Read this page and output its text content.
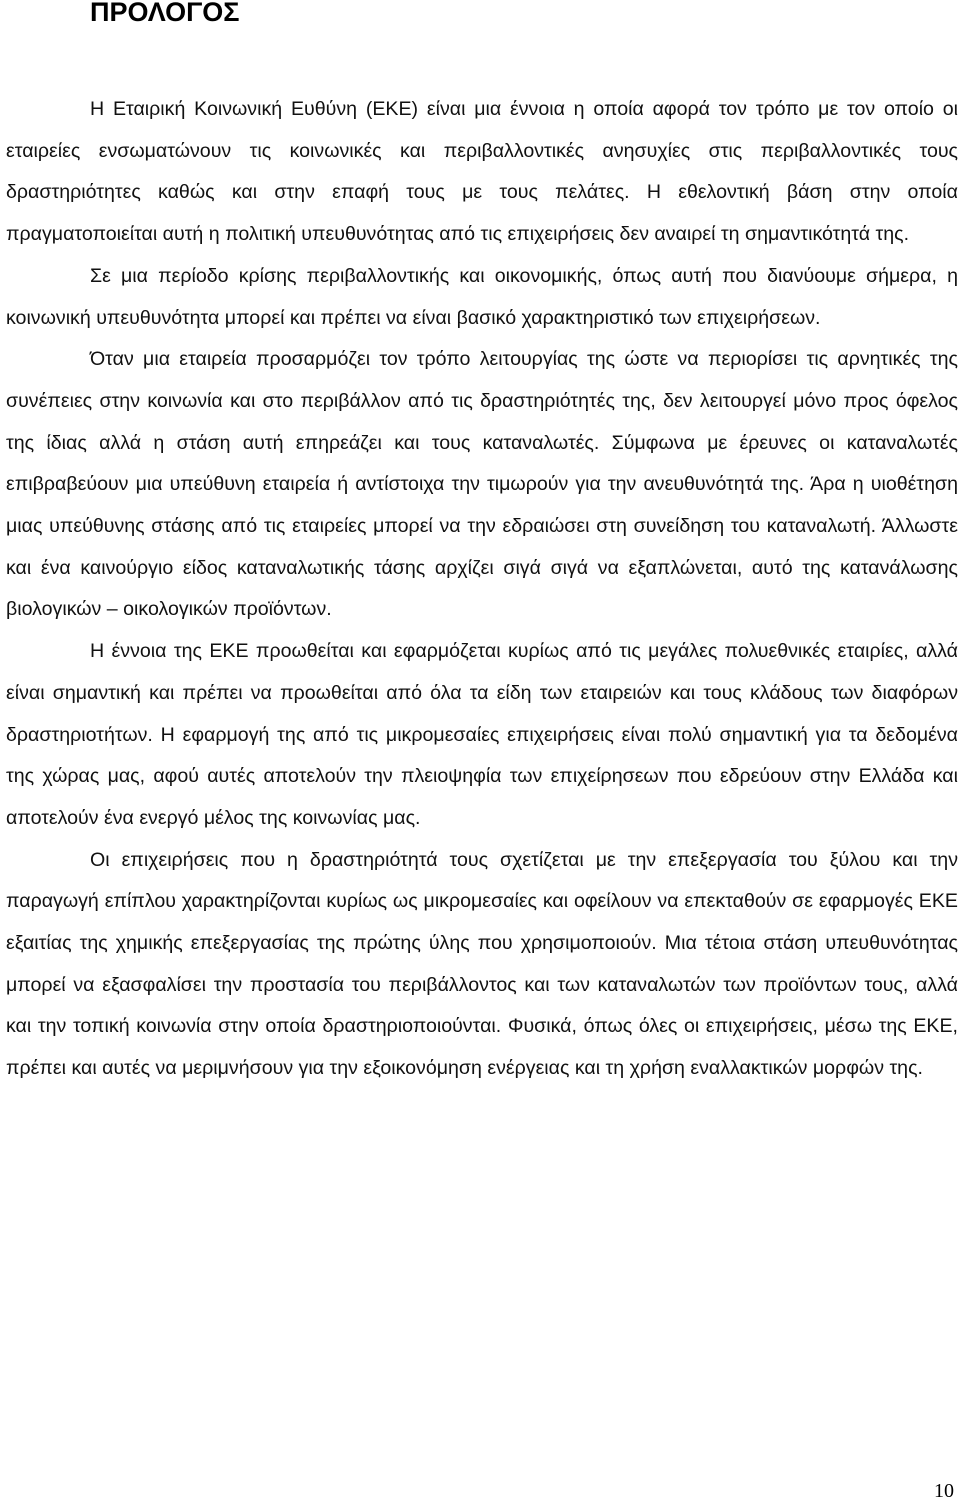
ΠΡΟΛΟΓΟΣ

Η Εταιρική Κοινωνική Ευθύνη (ΕΚΕ) είναι μια έννοια η οποία αφορά τον τρόπο με τον οποίο οι εταιρείες ενσωματώνουν τις κοινωνικές και περιβαλλοντικές ανησυχίες στις περιβαλλοντικές τους δραστηριότητες καθώς και στην επαφή τους με τους πελάτες. Η εθελοντική βάση στην οποία πραγματοποιείται αυτή η πολιτική υπευθυνότητας από τις επιχειρήσεις δεν αναιρεί τη σημαντικότητά της.

Σε μια περίοδο κρίσης περιβαλλοντικής και οικονομικής, όπως αυτή που διανύουμε σήμερα, η κοινωνική υπευθυνότητα μπορεί και πρέπει να είναι βασικό χαρακτηριστικό των επιχειρήσεων.

Όταν μια εταιρεία προσαρμόζει τον τρόπο λειτουργίας της ώστε να περιορίσει τις αρνητικές της συνέπειες στην κοινωνία και στο περιβάλλον από τις δραστηριότητές της, δεν λειτουργεί μόνο προς όφελος της ίδιας αλλά η στάση αυτή επηρεάζει και τους καταναλωτές. Σύμφωνα με έρευνες οι καταναλωτές επιβραβεύουν μια υπεύθυνη εταιρεία ή αντίστοιχα την τιμωρούν για την ανευθυνότητά της. Άρα η υιοθέτηση μιας υπεύθυνης στάσης από τις εταιρείες μπορεί να την εδραιώσει στη συνείδηση του καταναλωτή. Άλλωστε και ένα καινούργιο είδος καταναλωτικής τάσης αρχίζει σιγά σιγά να εξαπλώνεται, αυτό της κατανάλωσης βιολογικών – οικολογικών προϊόντων.

Η έννοια της ΕΚΕ προωθείται και εφαρμόζεται κυρίως από τις μεγάλες πολυεθνικές εταιρίες, αλλά είναι σημαντική και πρέπει να προωθείται από όλα τα είδη των εταιρειών και τους κλάδους των διαφόρων δραστηριοτήτων. Η εφαρμογή της από τις μικρομεσαίες επιχειρήσεις είναι πολύ σημαντική για τα δεδομένα της χώρας μας, αφού αυτές αποτελούν την πλειοψηφία των επιχείρησεων που εδρεύουν στην Ελλάδα και αποτελούν ένα ενεργό μέλος της κοινωνίας μας.

Οι επιχειρήσεις που η δραστηριότητά τους σχετίζεται με την επεξεργασία του ξύλου και την παραγωγή επίπλου χαρακτηρίζονται κυρίως ως μικρομεσαίες και οφείλουν να επεκταθούν σε εφαρμογές ΕΚΕ εξαιτίας της χημικής επεξεργασίας της πρώτης ύλης που χρησιμοποιούν. Μια τέτοια στάση υπευθυνότητας μπορεί να εξασφαλίσει την προστασία του περιβάλλοντος και των καταναλωτών των προϊόντων τους, αλλά και την τοπική κοινωνία στην οποία δραστηριοποιούνται. Φυσικά, όπως όλες οι επιχειρήσεις, μέσω της ΕΚΕ, πρέπει και αυτές να μεριμνήσουν για την εξοικονόμηση ενέργειας και τη χρήση εναλλακτικών μορφών της.

10
